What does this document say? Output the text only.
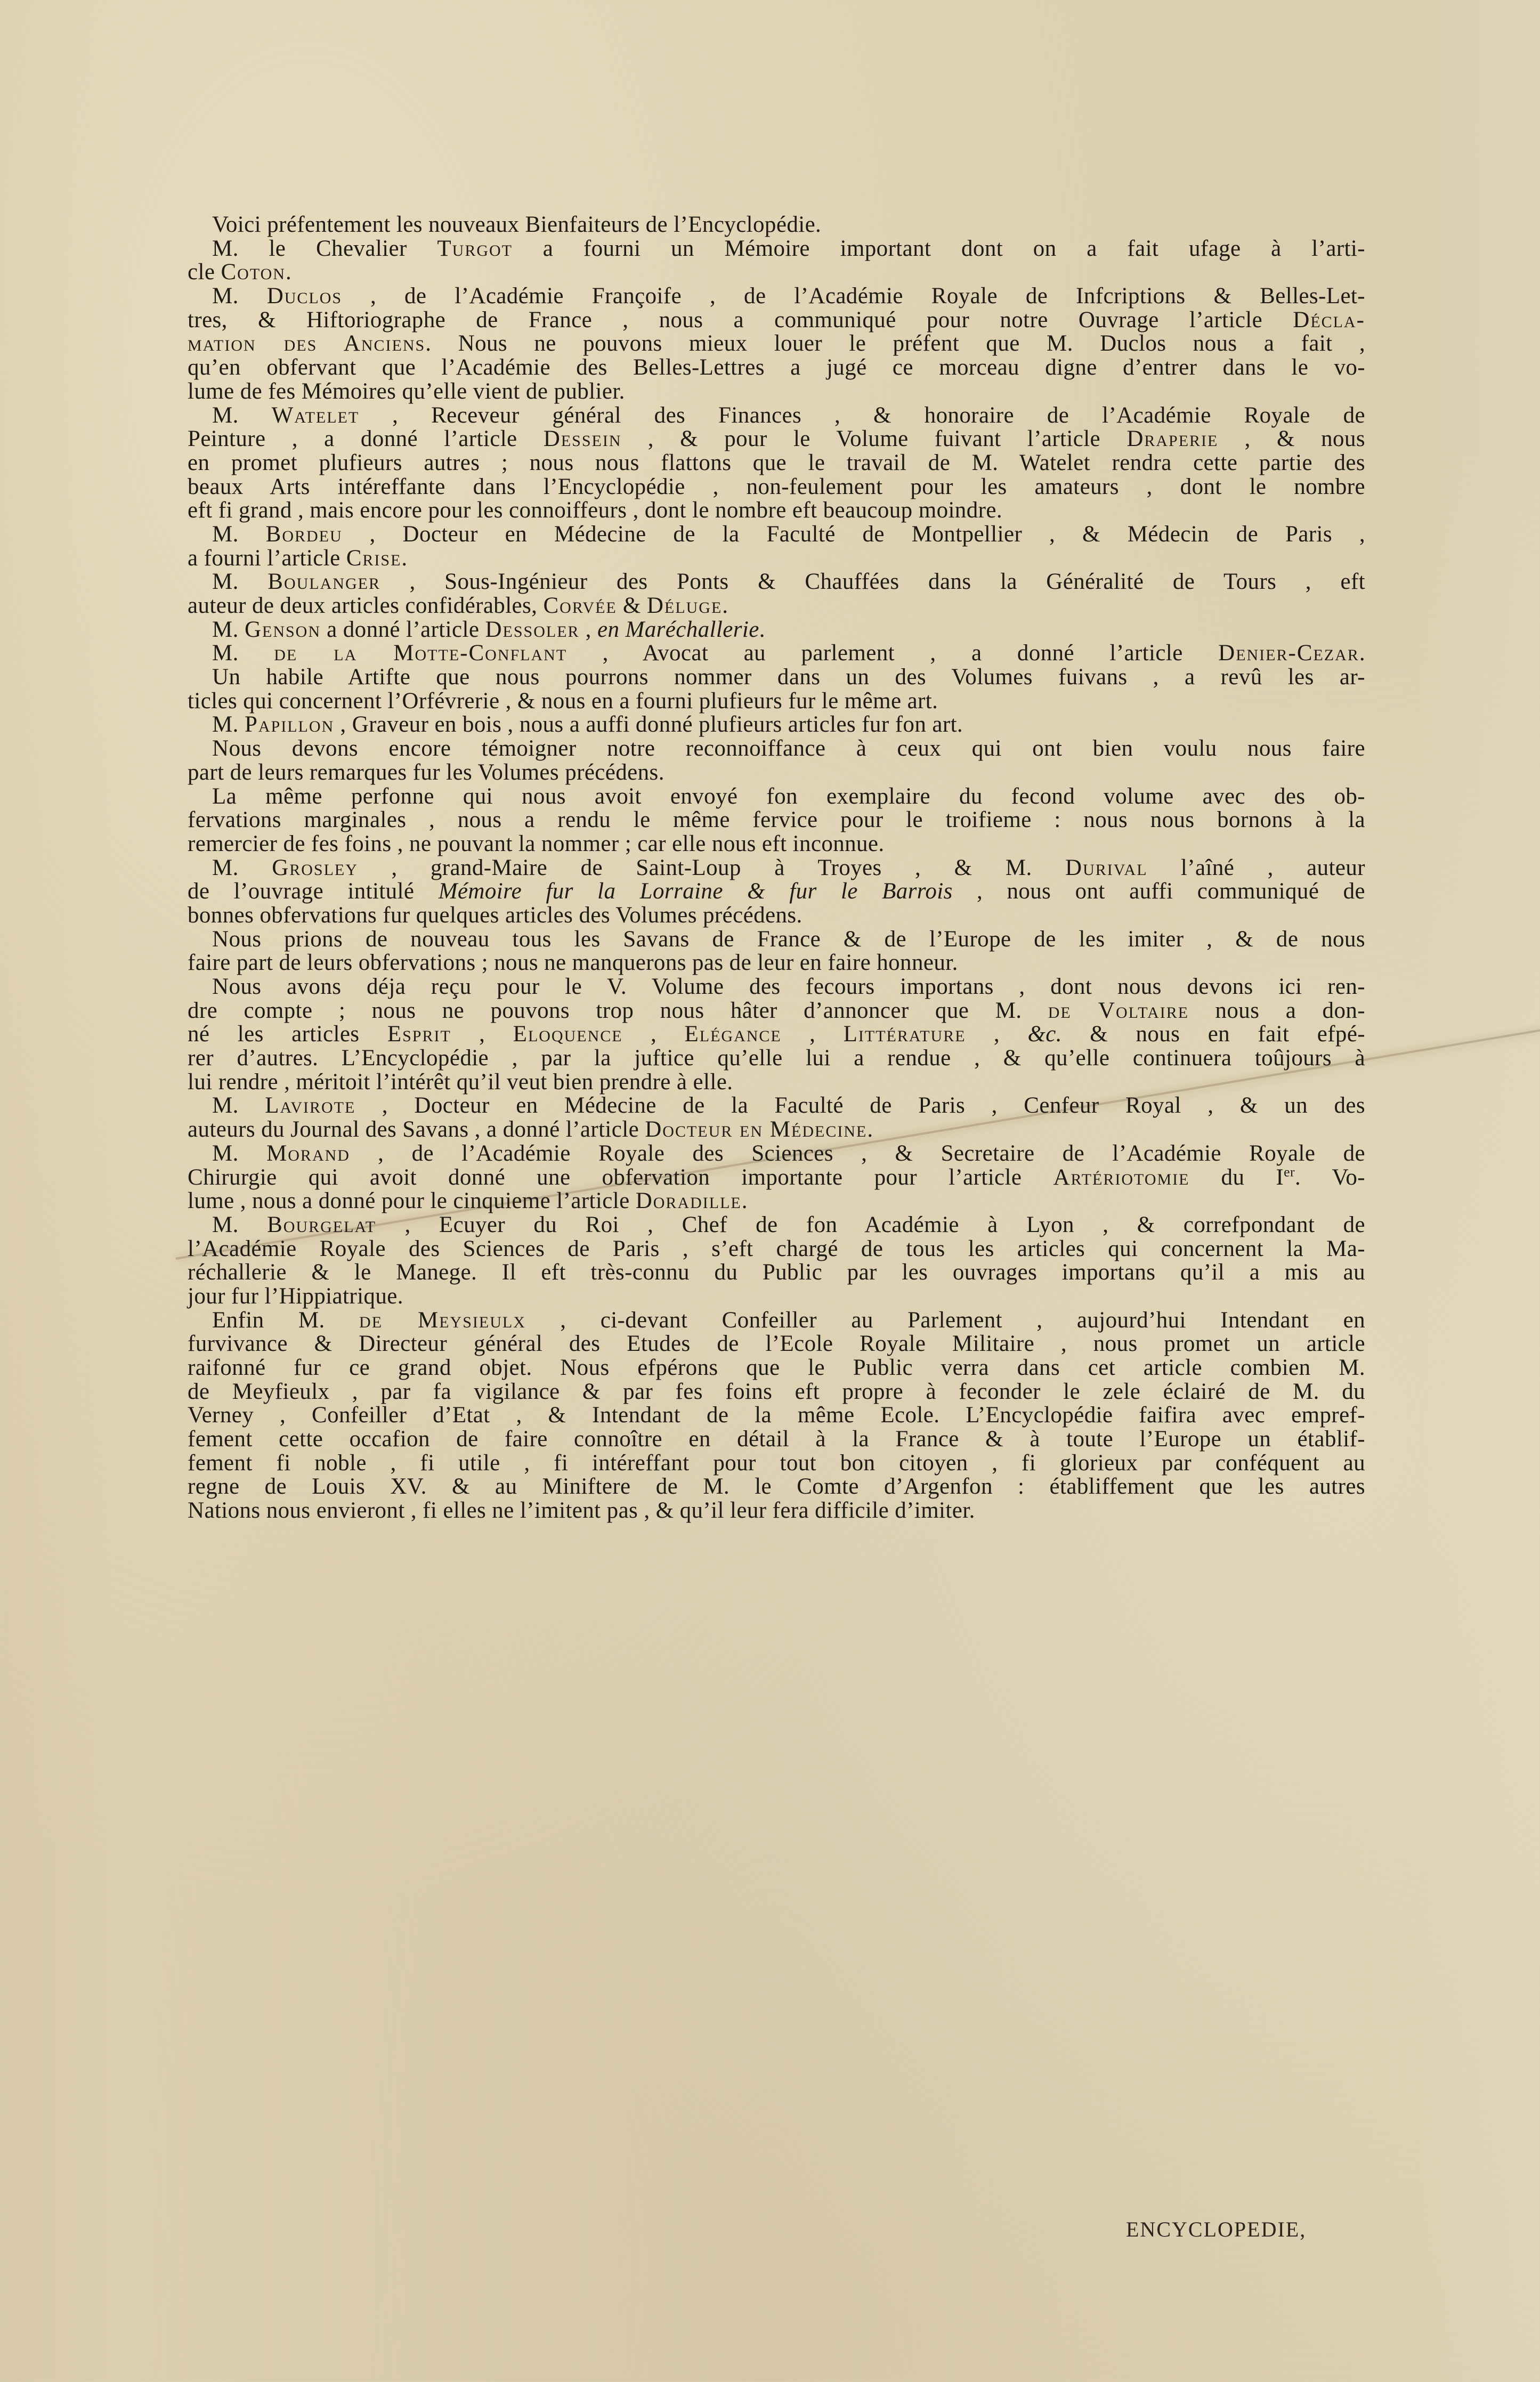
Voici préfentement les nouveaux Bienfaiteurs de l’Encyclopédie.
M. le Chevalier Turgot a fourni un Mémoire important dont on a fait ufage à l’arti-
cle Coton.
M. Duclos , de l’Académie Françoife , de l’Académie Royale de Infcriptions & Belles-Let-
tres, & Hiftoriographe de France , nous a communiqué pour notre Ouvrage l’article Décla-
mation des Anciens. Nous ne pouvons mieux louer le préfent que M. Duclos nous a fait ,
qu’en obfervant que l’Académie des Belles-Lettres a jugé ce morceau digne d’entrer dans le vo-
lume de fes Mémoires qu’elle vient de publier.
M. Watelet , Receveur général des Finances , & honoraire de l’Académie Royale de
Peinture , a donné l’article Dessein , & pour le Volume fuivant l’article Draperie , & nous
en promet plufieurs autres ; nous nous flattons que le travail de M. Watelet rendra cette partie des
beaux Arts intéreffante dans l’Encyclopédie , non-feulement pour les amateurs , dont le nombre
eft fi grand , mais encore pour les connoiffeurs , dont le nombre eft beaucoup moindre.
M. Bordeu , Docteur en Médecine de la Faculté de Montpellier , & Médecin de Paris ,
a fourni l’article Crise.
M. Boulanger , Sous-Ingénieur des Ponts & Chauffées dans la Généralité de Tours , eft
auteur de deux articles confidérables, Corvée & Déluge.
M. Genson a donné l’article Dessoler , en Maréchallerie.
M. de la Motte-Conflant , Avocat au parlement , a donné l’article Denier-Cezar.
Un habile Artifte que nous pourrons nommer dans un des Volumes fuivans , a revû les ar-
ticles qui concernent l’Orfévrerie , & nous en a fourni plufieurs fur le même art.
M. Papillon , Graveur en bois , nous a auffi donné plufieurs articles fur fon art.
Nous devons encore témoigner notre reconnoiffance à ceux qui ont bien voulu nous faire
part de leurs remarques fur les Volumes précédens.
La même perfonne qui nous avoit envoyé fon exemplaire du fecond volume avec des ob-
fervations marginales , nous a rendu le même fervice pour le troifieme : nous nous bornons à la
remercier de fes foins , ne pouvant la nommer ; car elle nous eft inconnue.
M. Grosley , grand-Maire de Saint-Loup à Troyes , & M. Durival l’aîné , auteur
de l’ouvrage intitulé Mémoire fur la Lorraine & fur le Barrois , nous ont auffi communiqué de
bonnes obfervations fur quelques articles des Volumes précédens.
Nous prions de nouveau tous les Savans de France & de l’Europe de les imiter , & de nous
faire part de leurs obfervations ; nous ne manquerons pas de leur en faire honneur.
Nous avons déja reçu pour le V. Volume des fecours importans , dont nous devons ici ren-
dre compte ; nous ne pouvons trop nous hâter d’annoncer que M. de Voltaire nous a don-
né les articles Esprit , Eloquence , Elégance , Littérature , &c. & nous en fait efpé-
rer d’autres. L’Encyclopédie , par la juftice qu’elle lui a rendue , & qu’elle continuera toûjours à
lui rendre , méritoit l’intérêt qu’il veut bien prendre à elle.
M. Lavirote , Docteur en Médecine de la Faculté de Paris , Cenfeur Royal , & un des
auteurs du Journal des Savans , a donné l’article Docteur en Médecine.
M. Morand , de l’Académie Royale des Sciences , & Secretaire de l’Académie Royale de
Chirurgie qui avoit donné une obfervation importante pour l’article Artériotomie du Ier. Vo-
lume , nous a donné pour le cinquieme l’article Doradille.
M. Bourgelat , Ecuyer du Roi , Chef de fon Académie à Lyon , & correfpondant de
l’Académie Royale des Sciences de Paris , s’eft chargé de tous les articles qui concernent la Ma-
réchallerie & le Manege. Il eft très-connu du Public par les ouvrages importans qu’il a mis au
jour fur l’Hippiatrique.
Enfin M. de Meysieulx , ci-devant Confeiller au Parlement , aujourd’hui Intendant en
furvivance & Directeur général des Etudes de l’Ecole Royale Militaire , nous promet un article
raifonné fur ce grand objet. Nous efpérons que le Public verra dans cet article combien M.
de Meyfieulx , par fa vigilance & par fes foins eft propre à feconder le zele éclairé de M. du
Verney , Confeiller d’Etat , & Intendant de la même Ecole. L’Encyclopédie faifira avec empref-
fement cette occafion de faire connoître en détail à la France & à toute l’Europe un établif-
fement fi noble , fi utile , fi intéreffant pour tout bon citoyen , fi glorieux par conféquent au
regne de Louis XV. & au Miniftere de M. le Comte d’Argenfon : établiffement que les autres
Nations nous envieront , fi elles ne l’imitent pas , & qu’il leur fera difficile d’imiter.
ENCYCLOPEDIE,
